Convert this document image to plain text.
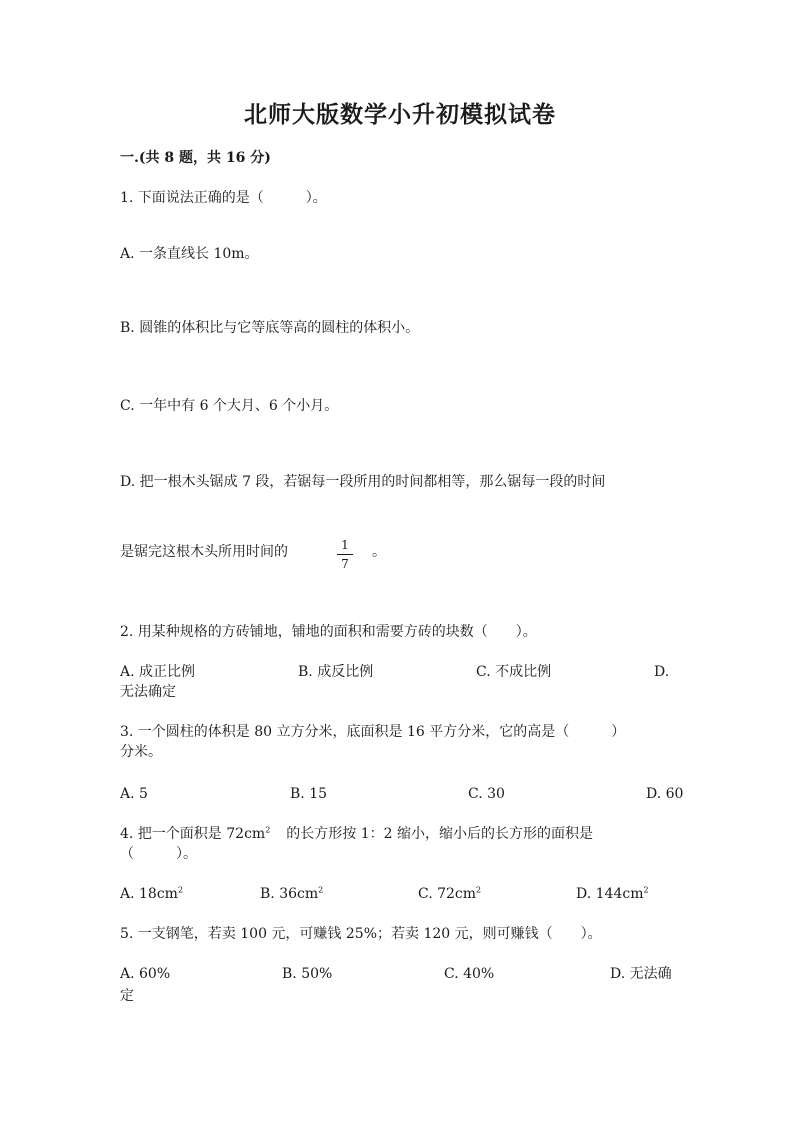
北师大版数学小升初模拟试卷
一.(共 8 题，共 16 分)
1. 下面说法正确的是（　　　）。
A. 一条直线长 10m。
B. 圆锥的体积比与它等底等高的圆柱的体积小。
C. 一年中有 6 个大月、6 个小月。
D. 把一根木头锯成 7 段，若锯每一段所用的时间都相等，那么锯每一段的时间
是锯完这根木头所用时间的	1
7
。
2. 用某种规格的方砖铺地，铺地的面积和需要方砖的块数（　　）。
A. 成正比例	B. 成反比例	C. 不成比例	D.
无法确定
3. 一个圆柱的体积是 80 立方分米，底面积是 16 平方分米，它的高是（　　　）
分米。
A. 5	B. 15	C. 30	D. 60
4. 把一个面积是 $72cm^2$ 的长方形按 1：2 缩小，缩小后的长方形的面积是
（　　　）。
A. $18cm^2$	B. $36cm^2$	C. $72cm^2$	D. $144cm^2$
5. 一支钢笔，若卖 100 元，可赚钱 25%；若卖 120 元，则可赚钱（　　）。
A. 60%	B. 50%	C. 40%	D. 无法确
定
